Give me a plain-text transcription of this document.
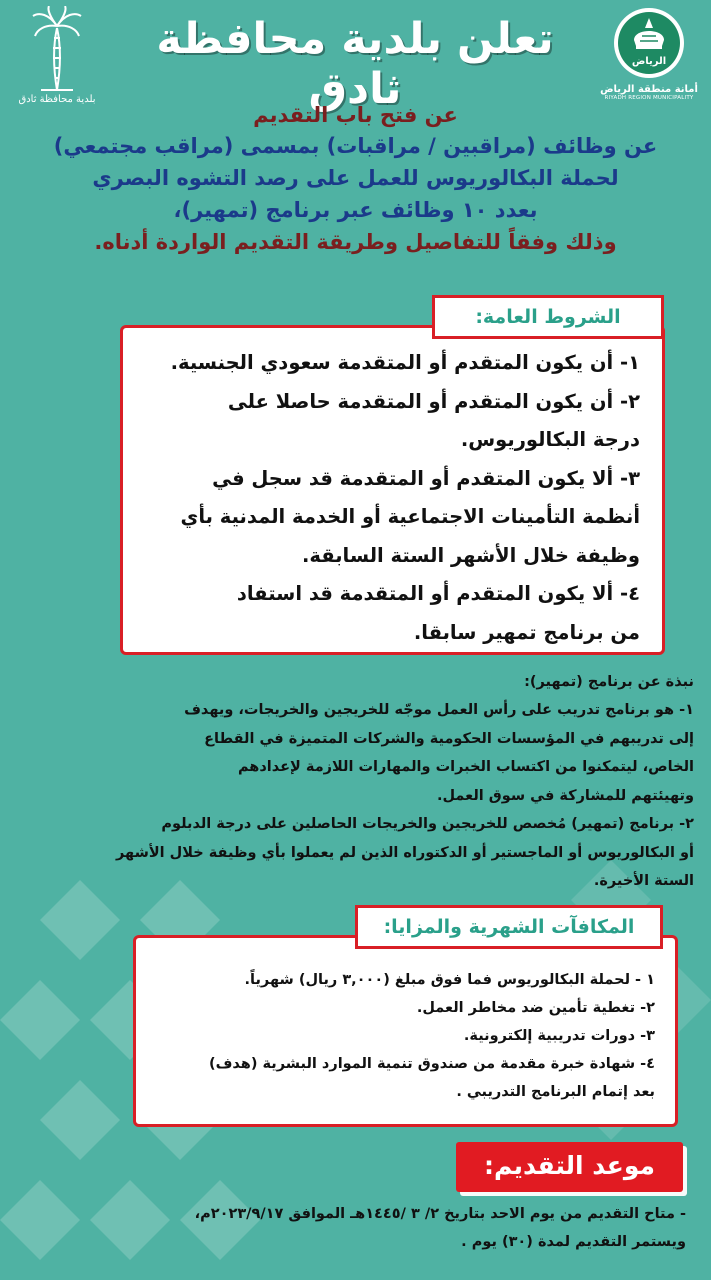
بلدية محافظة ثادق
تعلن بلدية محافظة ثادق
الرياض
أمانة منطقة الرياض
RIYADH REGION MUNICIPALITY
عن فتح باب التقديم
عن وظائف (مراقبين / مراقبات) بمسمى (مراقب مجتمعي)
لحملة البكالوريوس للعمل على رصد التشوه البصري
بعدد ١٠ وظائف عبر برنامج (تمهير)،
وذلك وفقاً للتفاصيل وطريقة التقديم الواردة أدناه.
١- أن يكون المتقدم أو المتقدمة سعودي الجنسية.
٢- أن يكون المتقدم أو المتقدمة حاصلا على
درجة البكالوريوس.
٣- ألا يكون المتقدم أو المتقدمة قد سجل في
أنظمة التأمينات الاجتماعية أو الخدمة المدنية بأي
وظيفة خلال الأشهر الستة السابقة.
٤- ألا يكون المتقدم أو المتقدمة قد استفاد
من برنامج تمهير سابقا.
الشروط العامة:
نبذة عن برنامج (تمهير):

١- هو برنامج تدريب على رأس العمل موجّه للخريجين والخريجات، ويهدف

إلى تدريبهم في المؤسسات الحكومية والشركات المتميزة في القطاع

الخاص، ليتمكنوا من اكتساب الخبرات والمهارات اللازمة لإعدادهم

وتهيئتهم للمشاركة في سوق العمل.

٢- برنامج (تمهير) مُخصص للخريجين والخريجات الحاصلين على درجة الدبلوم

أو البكالوريوس أو الماجستير أو الدكتوراه الذين لم يعملوا بأي وظيفة خلال الأشهر

الستة الأخيرة.

١ - لحملة البكالوريوس فما فوق مبلغ (٣,٠٠٠ ريال) شهرياً.
٢- تغطية تأمين ضد مخاطر العمل.
٣- دورات تدريبية إلكترونية.
٤- شهادة خبرة مقدمة من صندوق تنمية الموارد البشرية (هدف)
بعد إتمام البرنامج التدريبي .
المكافآت الشهرية والمزايا:
موعد التقديم:

- متاح التقديم من يوم الاحد بتاريخ ٢/ ٣ /١٤٤٥هـ الموافق ٢٠٢٣/٩/١٧م،

ويستمر التقديم لمدة (٣٠) يوم .
